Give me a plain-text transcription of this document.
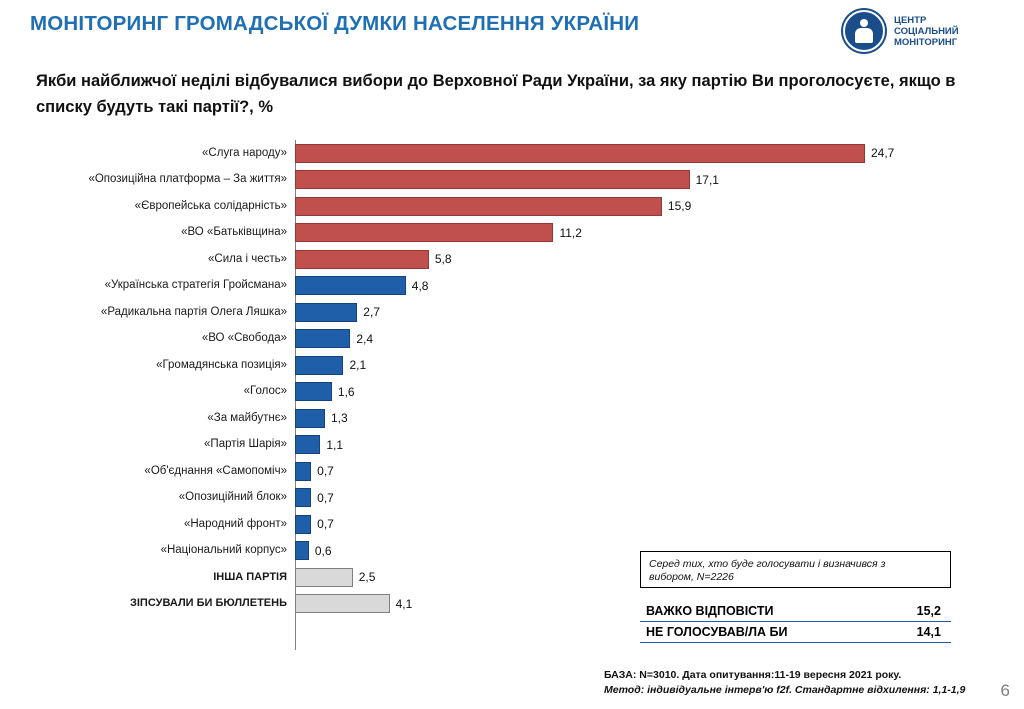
МОНІТОРИНГ ГРОМАДСЬКОЇ ДУМКИ НАСЕЛЕННЯ УКРАЇНИ	ЦЕНТР
СОЦІАЛЬНИЙ
МОНІТОРИНГ
Якби найближчої неділі відбувалися вибори до Верховної Ради України, за яку партію Ви проголосуєте, якщо в списку будуть такі партії?, %
«Слуга народу»	24,7
«Опозиційна платформа – За життя»	17,1
«Європейська солідарність»	15,9
«ВО «Батьківщина»	11,2
«Сила і честь»	5,8
«Українська стратегія Гройсмана»	4,8
«Радикальна партія Олега Ляшка»	2,7
«ВО «Свобода»	2,4
«Громадянська позиція»	2,1
«Голос»	1,6
«За майбутнє»	1,3
«Партія Шарія»	1,1
«Об'єднання «Самопоміч»	0,7
«Опозиційний блок»	0,7
«Народний фронт»	0,7
«Національний корпус»	0,6
ІНША ПАРТІЯ	2,5
ЗІПСУВАЛИ БИ БЮЛЛЕТЕНЬ	4,1
Серед тих, хто буде голосувати і визначився з
вибором, N=2226
ВАЖКО ВІДПОВІСТИ	15,2
НЕ ГОЛОСУВАВ/ЛА БИ	14,1
БАЗА: N=3010. Дата опитування:11-19 вересня 2021 року.
Метод: індивідуальне інтерв'ю f2f. Стандартне відхилення: 1,1-1,9	6
